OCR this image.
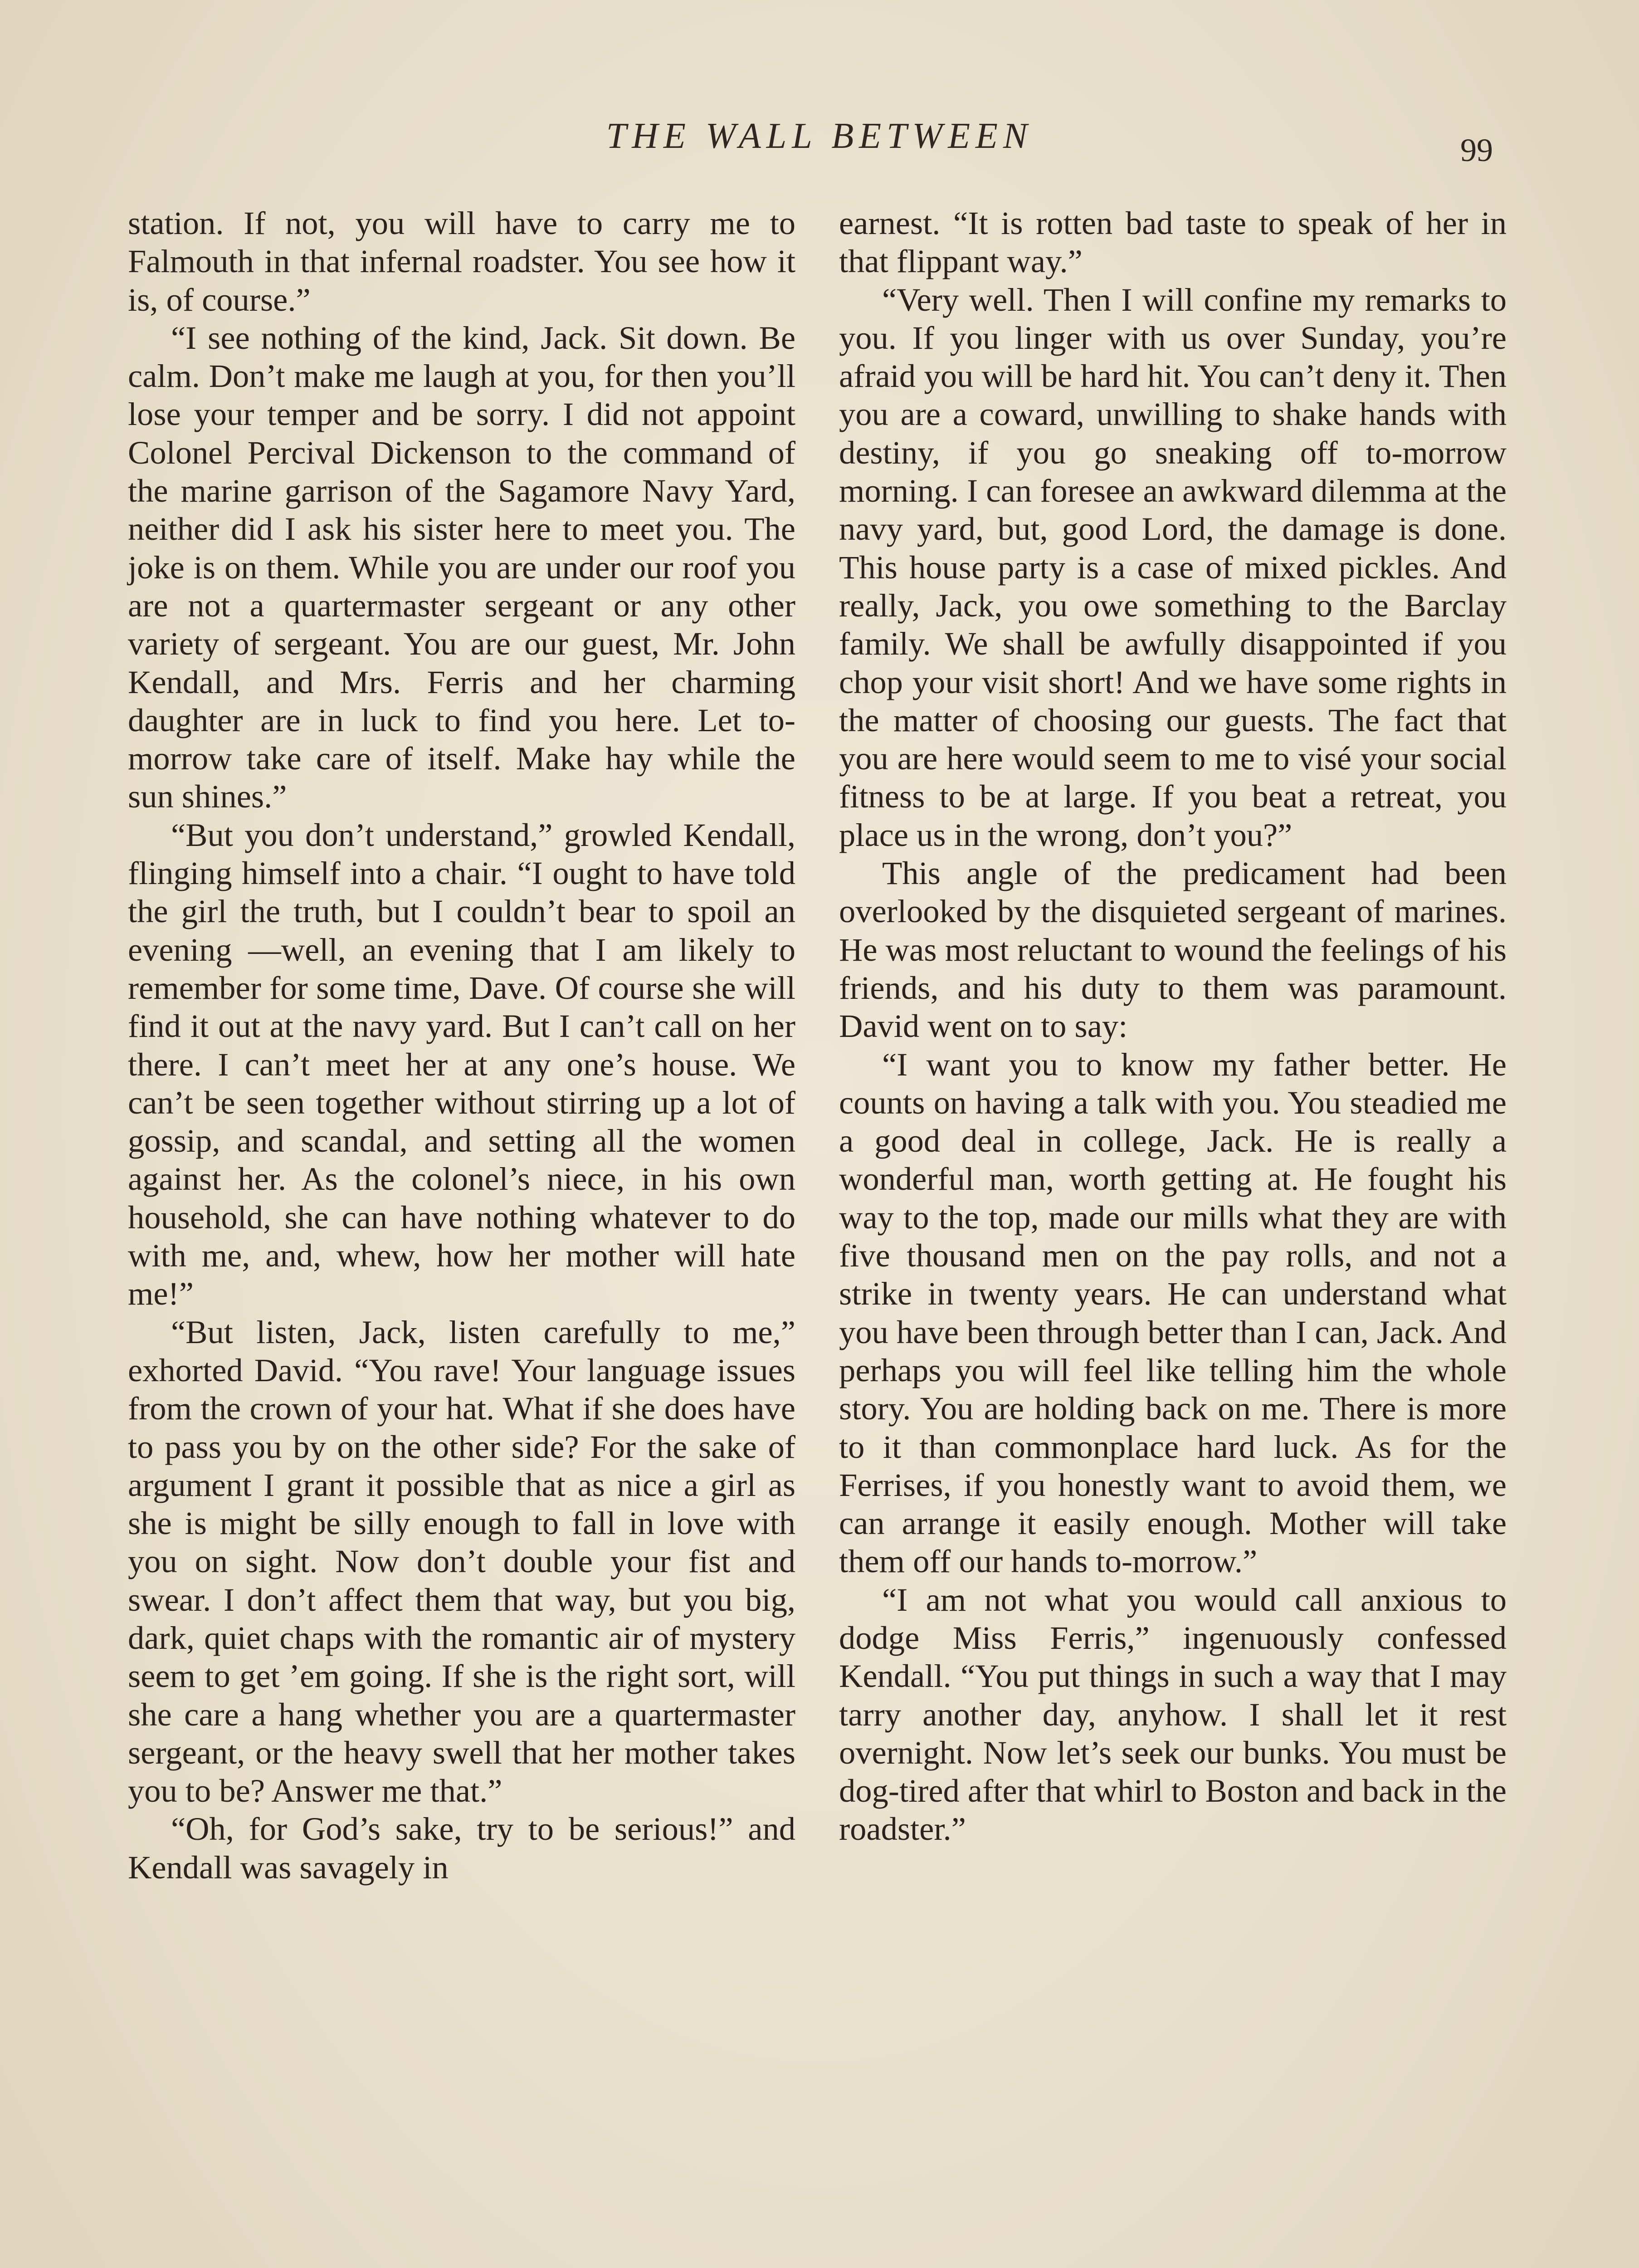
THE WALL BETWEEN	99

station. If not, you will have to carry me to Falmouth in that infernal roadster. You see how it is, of course.”

“I see nothing of the kind, Jack. Sit down. Be calm. Don’t make me laugh at you, for then you’ll lose your temper and be sorry. I did not appoint Colonel Percival Dickenson to the command of the marine garrison of the Sagamore Navy Yard, neither did I ask his sister here to meet you. The joke is on them. While you are under our roof you are not a quartermaster sergeant or any other variety of sergeant. You are our guest, Mr. John Kendall, and Mrs. Ferris and her charming daughter are in luck to find you here. Let to-morrow take care of itself. Make hay while the sun shines.”

“But you don’t understand,” growled Kendall, flinging himself into a chair. “I ought to have told the girl the truth, but I couldn’t bear to spoil an evening —well, an evening that I am likely to remember for some time, Dave. Of course she will find it out at the navy yard. But I can’t call on her there. I can’t meet her at any one’s house. We can’t be seen together without stirring up a lot of gossip, and scandal, and setting all the women against her. As the colonel’s niece, in his own household, she can have nothing whatever to do with me, and, whew, how her mother will hate me!”

“But listen, Jack, listen carefully to me,” exhorted David. “You rave! Your language issues from the crown of your hat. What if she does have to pass you by on the other side? For the sake of argument I grant it possible that as nice a girl as she is might be silly enough to fall in love with you on sight. Now don’t double your fist and swear. I don’t affect them that way, but you big, dark, quiet chaps with the romantic air of mystery seem to get ’em going. If she is the right sort, will she care a hang whether you are a quartermaster sergeant, or the heavy swell that her mother takes you to be? Answer me that.”

“Oh, for God’s sake, try to be serious!” and Kendall was savagely in

earnest. “It is rotten bad taste to speak of her in that flippant way.”

“Very well. Then I will confine my remarks to you. If you linger with us over Sunday, you’re afraid you will be hard hit. You can’t deny it. Then you are a coward, unwilling to shake hands with destiny, if you go sneaking off to-morrow morning. I can foresee an awkward dilemma at the navy yard, but, good Lord, the damage is done. This house party is a case of mixed pickles. And really, Jack, you owe something to the Barclay family. We shall be awfully disappointed if you chop your visit short! And we have some rights in the matter of choosing our guests. The fact that you are here would seem to me to visé your social fitness to be at large. If you beat a retreat, you place us in the wrong, don’t you?”

This angle of the predicament had been overlooked by the disquieted sergeant of marines. He was most reluctant to wound the feelings of his friends, and his duty to them was paramount. David went on to say:

“I want you to know my father better. He counts on having a talk with you. You steadied me a good deal in college, Jack. He is really a wonderful man, worth getting at. He fought his way to the top, made our mills what they are with five thousand men on the pay rolls, and not a strike in twenty years. He can understand what you have been through better than I can, Jack. And perhaps you will feel like telling him the whole story. You are holding back on me. There is more to it than commonplace hard luck. As for the Ferrises, if you honestly want to avoid them, we can arrange it easily enough. Mother will take them off our hands to-morrow.”

“I am not what you would call anxious to dodge Miss Ferris,” ingenuously confessed Kendall. “You put things in such a way that I may tarry another day, anyhow. I shall let it rest overnight. Now let’s seek our bunks. You must be dog-tired after that whirl to Boston and back in the roadster.”
